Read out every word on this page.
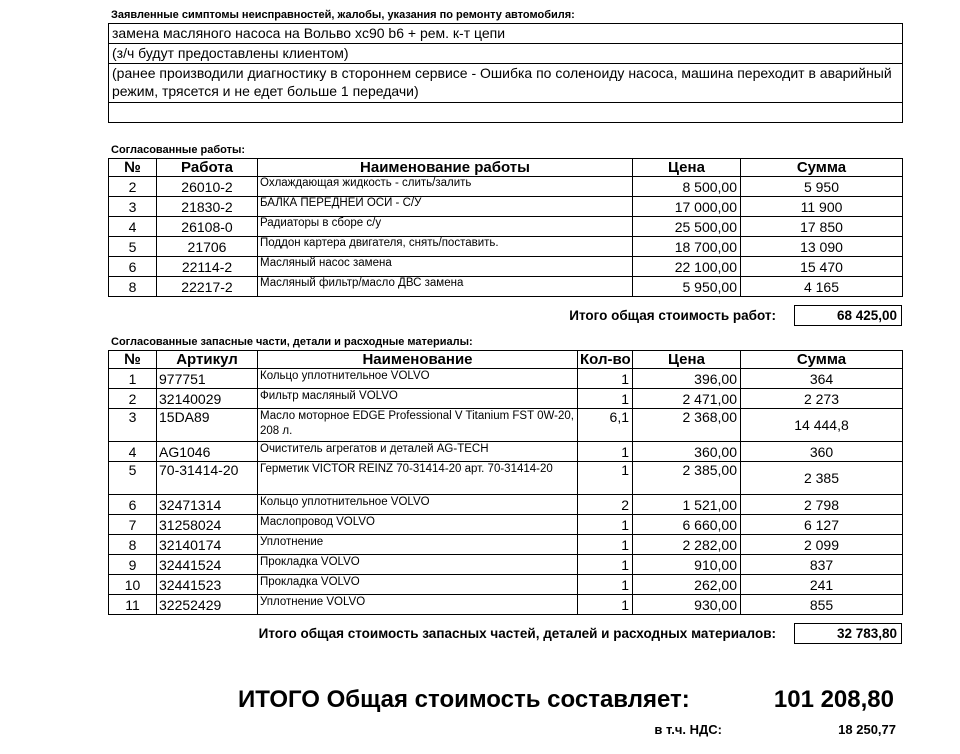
Заявленные симптомы неисправностей, жалобы, указания по ремонту автомобиля:
замена масляного насоса на Вольво xc90 b6 + рем. к-т цепи
(з/ч будут предоставлены клиентом)
(ранее производили диагностику в стороннем сервисе - Ошибка по соленоиду насоса, машина переходит в аварийный режим, трясется и не едет больше 1 передачи)

Согласованные работы:
№	Работа	Наименование работы	Цена	Сумма
2	26010-2	Охлаждающая жидкость - слить/залить	8 500,00	5 950
3	21830-2	БАЛКА ПЕРЕДНЕЙ ОСИ - С/У	17 000,00	11 900
4	26108-0	Радиаторы в сборе с/у	25 500,00	17 850
5	21706	Поддон картера двигателя, снять/поставить.	18 700,00	13 090
6	22114-2	Масляный насос замена	22 100,00	15 470
8	22217-2	Масляный фильтр/масло ДВС замена	5 950,00	4 165
Итого общая стоимость работ:	68 425,00
Согласованные запасные части, детали и расходные материалы:
№	Артикул	Наименование	Кол-во	Цена	Сумма
1	977751	Кольцо уплотнительное VOLVO	1	396,00	364
2	32140029	Фильтр масляный VOLVO	1	2 471,00	2 273
3	15DA89	Масло моторное EDGE Professional V Titanium FST 0W-20, 208 л.	6,1	2 368,00	14 444,8
4	AG1046	Очиститель агрегатов и деталей AG-TECH	1	360,00	360
5	70-31414-20	Герметик VICTOR REINZ 70-31414-20 арт. 70-31414-20	1	2 385,00	2 385
6	32471314	Кольцо уплотнительное VOLVO	2	1 521,00	2 798
7	31258024	Маслопровод VOLVO	1	6 660,00	6 127
8	32140174	Уплотнение	1	2 282,00	2 099
9	32441524	Прокладка VOLVO	1	910,00	837
10	32441523	Прокладка VOLVO	1	262,00	241
11	32252429	Уплотнение VOLVO	1	930,00	855
Итого общая стоимость запасных частей, деталей и расходных материалов:	32 783,80
ИТОГО Общая стоимость составляет:	101 208,80
в т.ч. НДС:	18 250,77
